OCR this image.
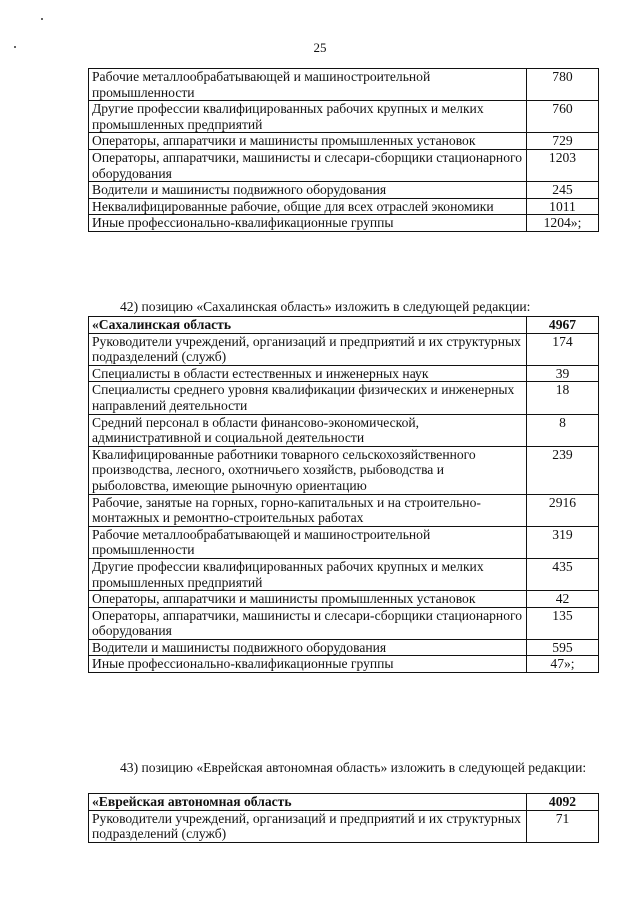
25
Рабочие металлообрабатывающей и машиностроительной промышленности	780
Другие профессии квалифицированных рабочих крупных и мелких промышленных предприятий	760
Операторы, аппаратчики и машинисты промышленных установок	729
Операторы, аппаратчики, машинисты и слесари-сборщики стационарного оборудования	1203
Водители и машинисты подвижного оборудования	245
Неквалифицированные рабочие, общие для всех отраслей экономики	1011
Иные профессионально-квалификационные группы	1204»;
42) позицию «Сахалинская область» изложить в следующей редакции:
«Сахалинская область	4967
Руководители учреждений, организаций и предприятий и их структурных подразделений (служб)	174
Специалисты в области естественных и инженерных наук	39
Специалисты среднего уровня квалификации физических и инженерных направлений деятельности	18
Средний персонал в области финансово-экономической, административной и социальной деятельности	8
Квалифицированные работники товарного сельскохозяйственного производства, лесного, охотничьего хозяйств, рыбоводства и рыболовства, имеющие рыночную ориентацию	239
Рабочие, занятые на горных, горно-капитальных и на строительно-монтажных и ремонтно-строительных работах	2916
Рабочие металлообрабатывающей и машиностроительной промышленности	319
Другие профессии квалифицированных рабочих крупных и мелких промышленных предприятий	435
Операторы, аппаратчики и машинисты промышленных установок	42
Операторы, аппаратчики, машинисты и слесари-сборщики стационарного оборудования	135
Водители и машинисты подвижного оборудования	595
Иные профессионально-квалификационные группы	47»;
43) позицию «Еврейская автономная область» изложить в следующей редакции:
«Еврейская автономная область	4092
Руководители учреждений, организаций и предприятий и их структурных подразделений (служб)	71
